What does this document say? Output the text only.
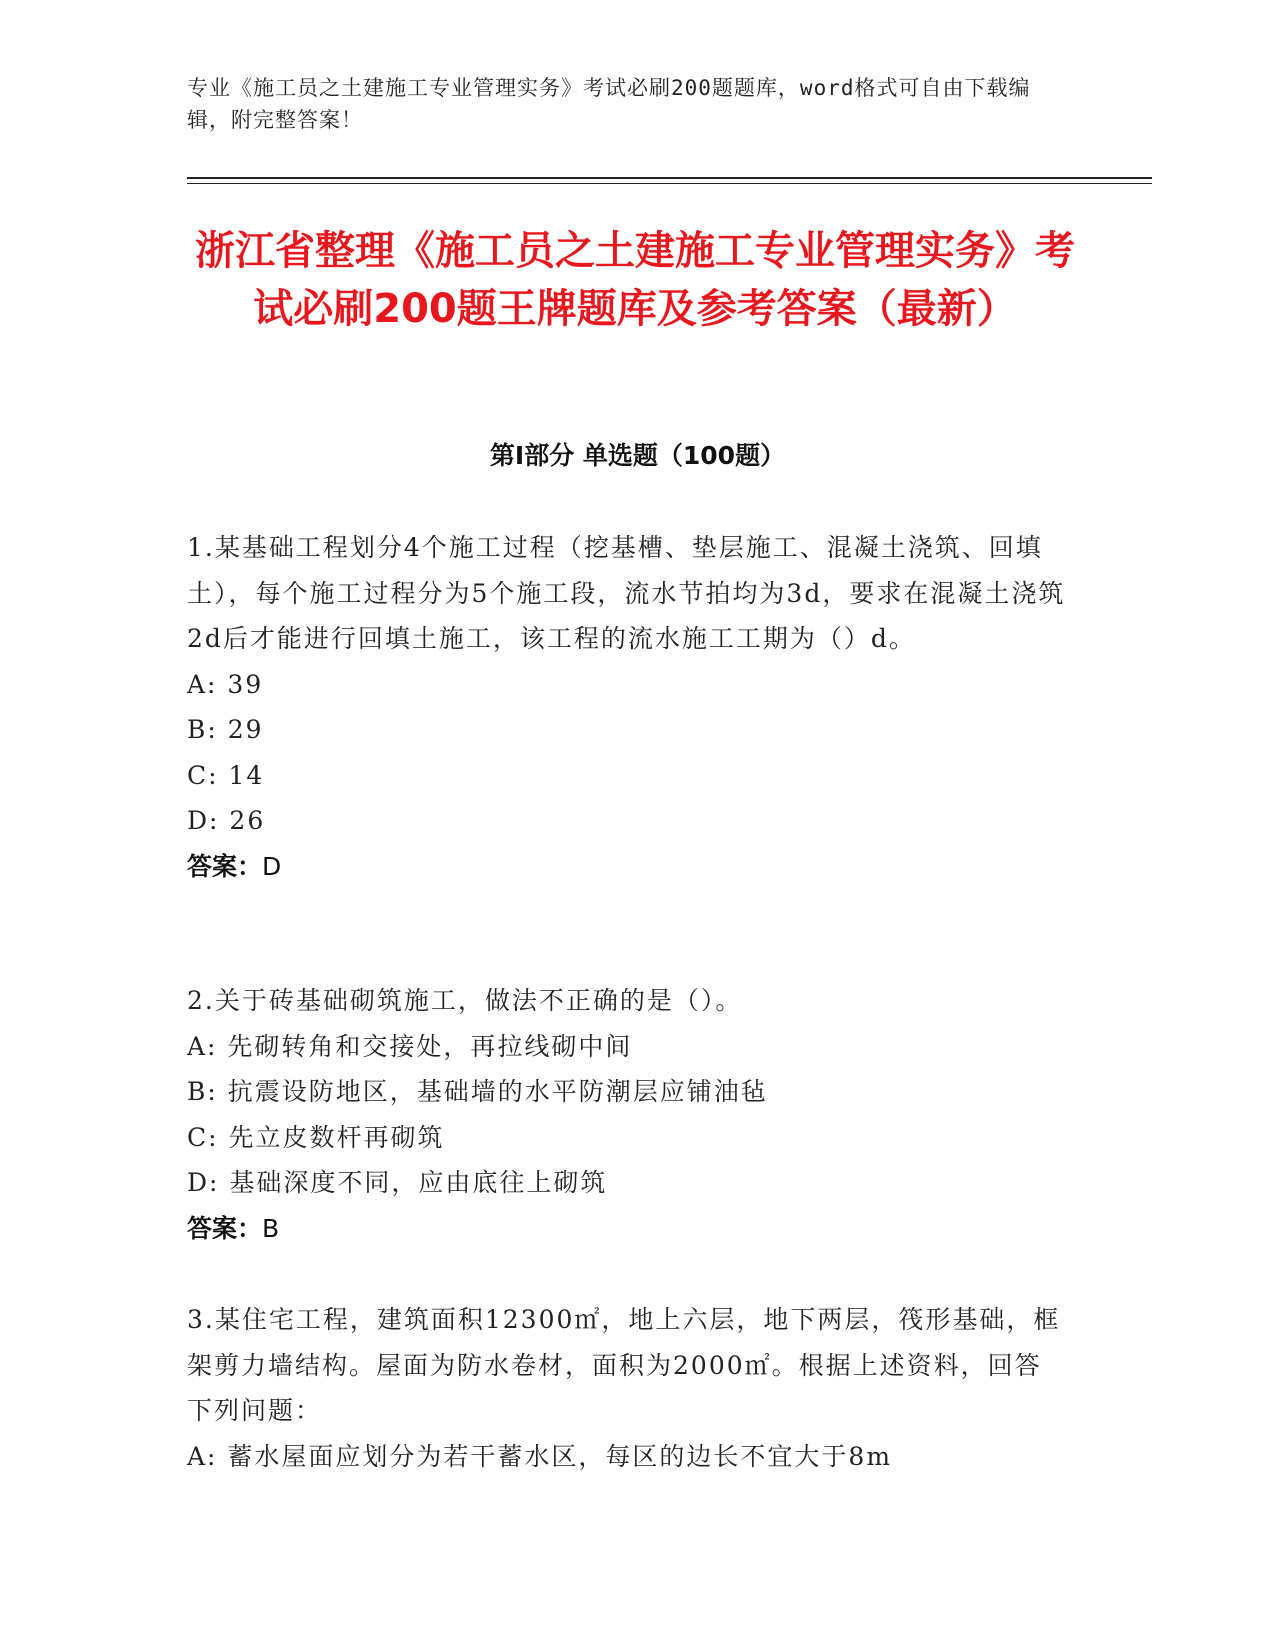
专业《施工员之土建施工专业管理实务》考试必刷200题题库，word格式可自由下载编辑，附完整答案！
浙江省整理《施工员之土建施工专业管理实务》考试必刷200题王牌题库及参考答案（最新）
第Ⅰ部分 单选题（100题）
1.某基础工程划分4个施工过程（挖基槽、垫层施工、混凝土浇筑、回填土），每个施工过程分为5个施工段，流水节拍均为3d，要求在混凝土浇筑2d后才能进行回填土施工，该工程的流水施工工期为（）d。
A: 39
B: 29
C: 14
D: 26
答案：D
2.关于砖基础砌筑施工，做法不正确的是（）。
A: 先砌转角和交接处，再拉线砌中间
B: 抗震设防地区，基础墙的水平防潮层应铺油毡
C: 先立皮数杆再砌筑
D: 基础深度不同，应由底往上砌筑
答案：B
3.某住宅工程，建筑面积12300㎡，地上六层，地下两层，筏形基础，框架剪力墙结构。屋面为防水卷材，面积为2000㎡。根据上述资料，回答下列问题：
A: 蓄水屋面应划分为若干蓄水区，每区的边长不宜大于8m
